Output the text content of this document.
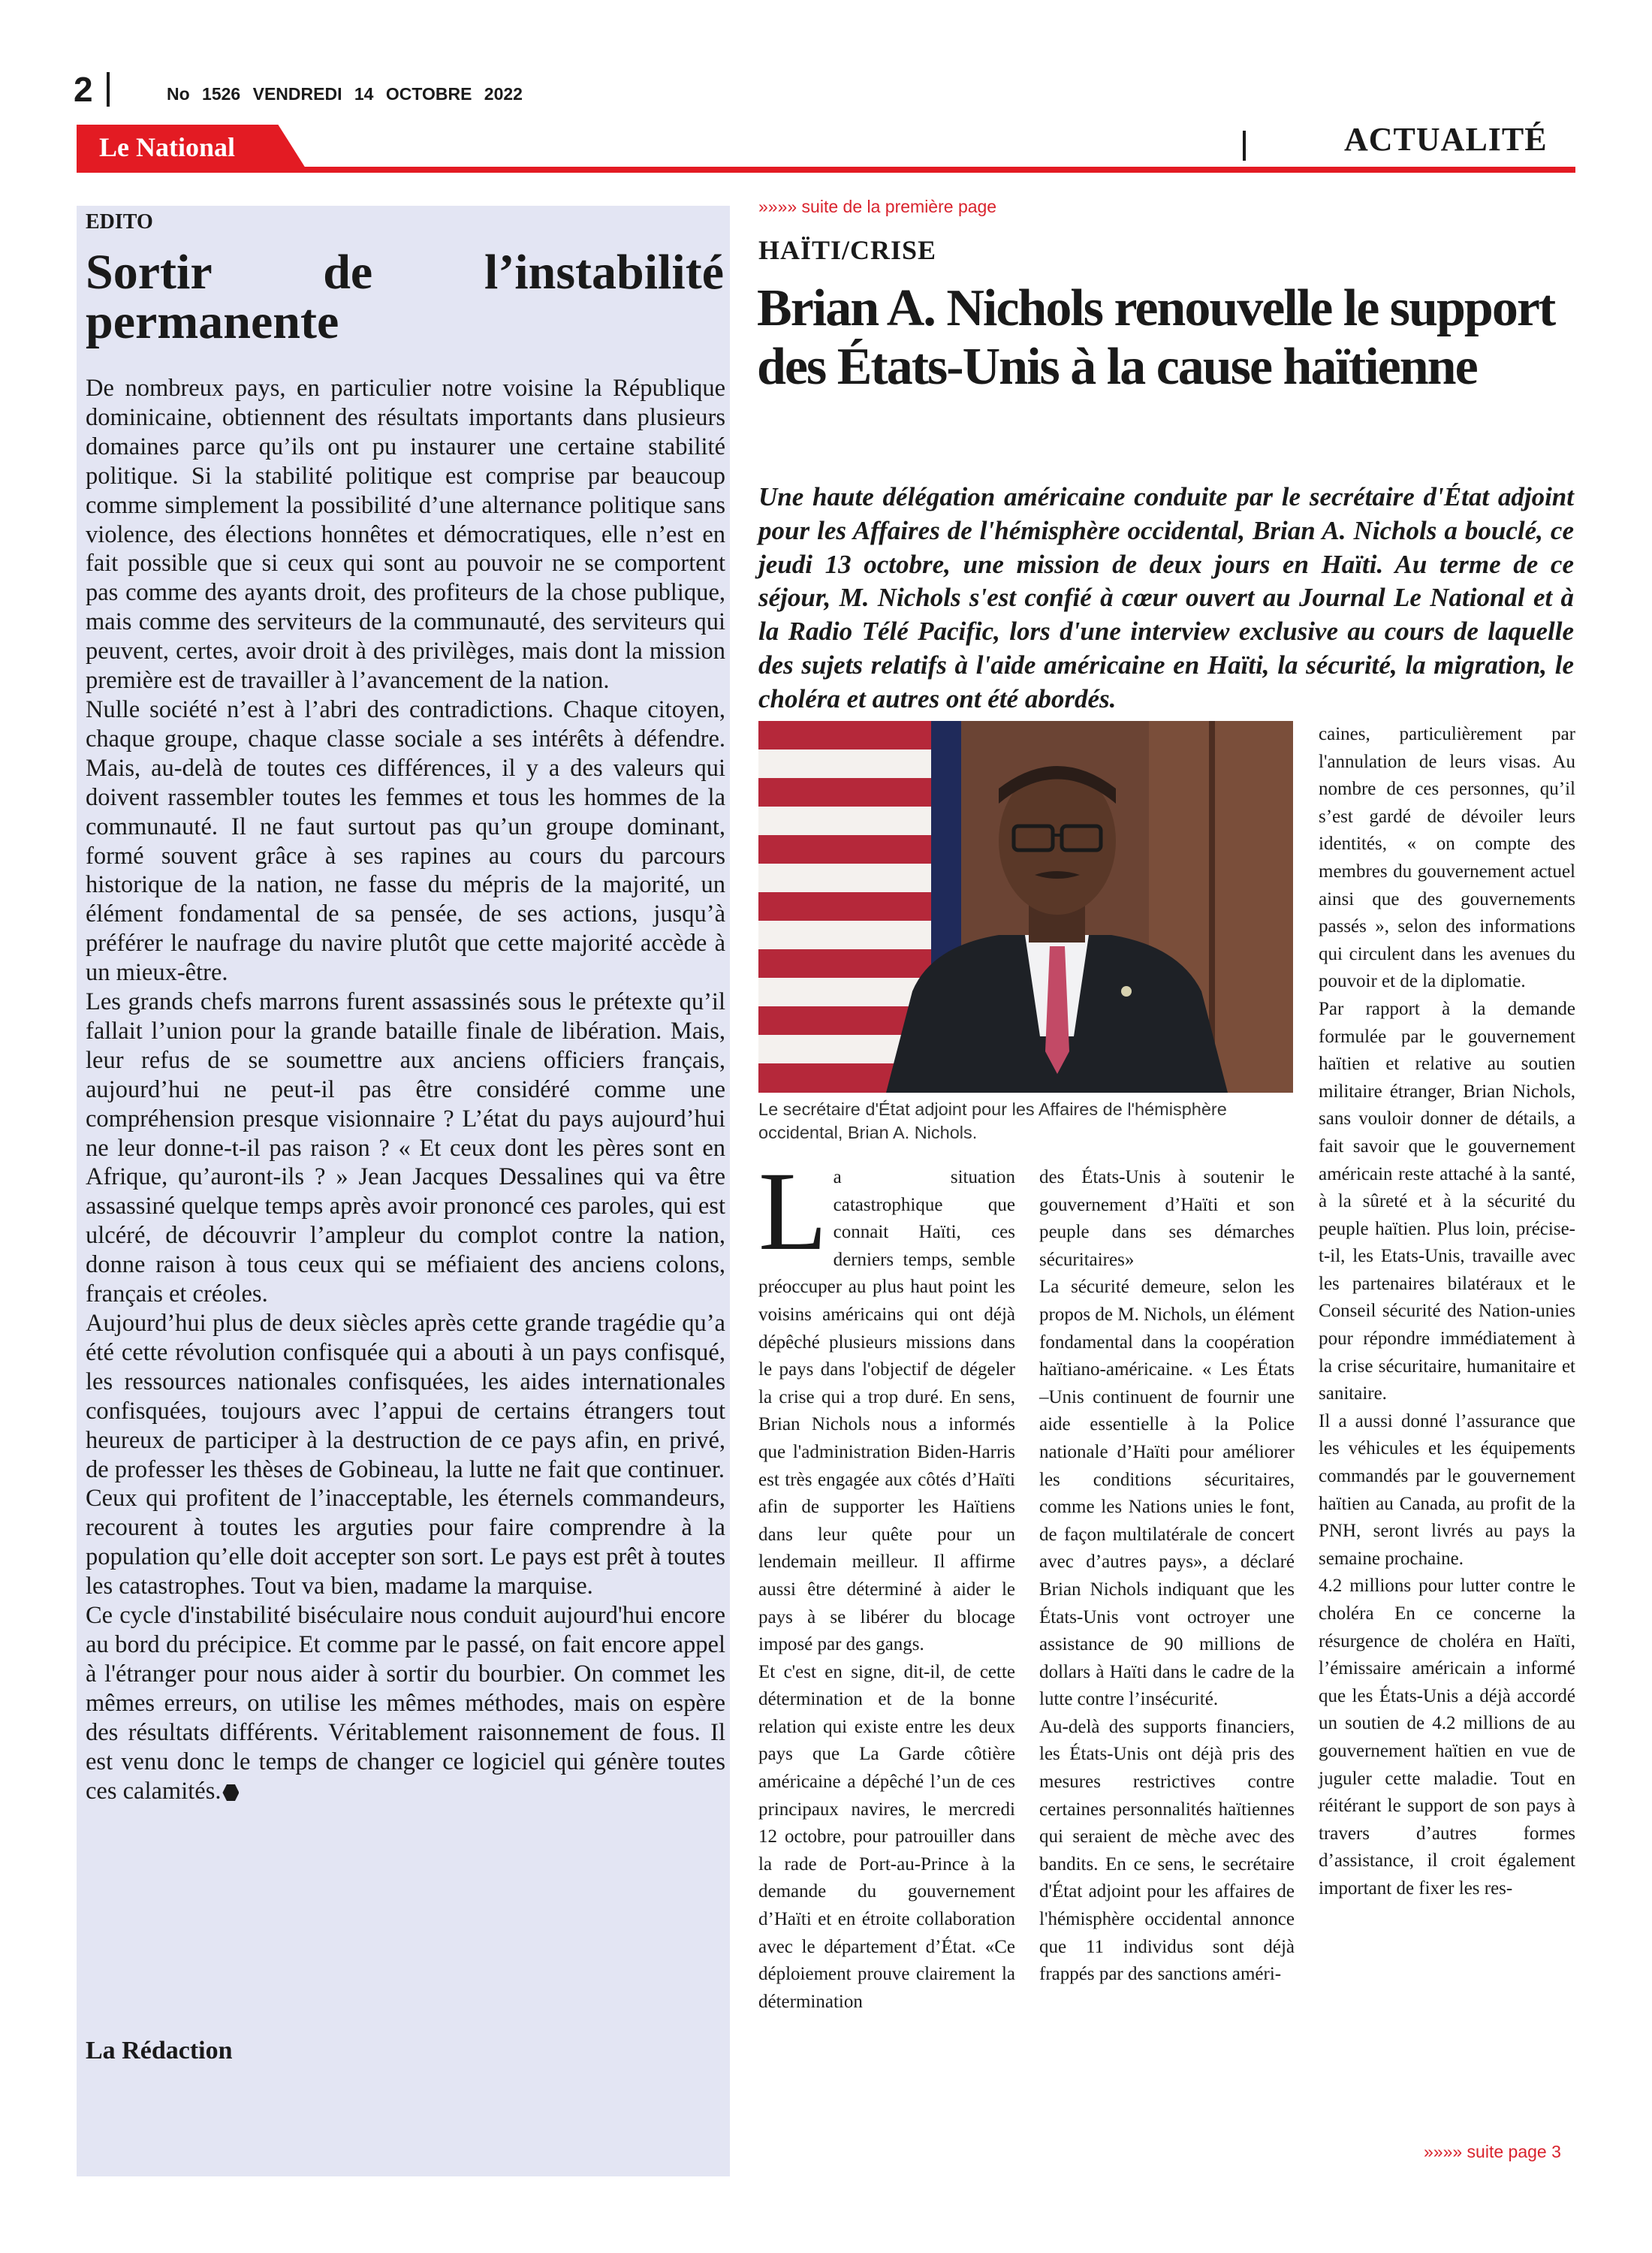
2	No 1526 VENDREDI 14 OCTOBRE 2022
Le National	ACTUALITÉ
EDITO
Sortir de l’instabilité permanente

De nombreux pays, en particulier notre voisine la République dominicaine, obtiennent des résultats importants dans plusieurs domaines parce qu’ils ont pu instaurer une certaine stabilité politique. Si la stabilité politique est comprise par beaucoup comme simplement la possibilité d’une alternance politique sans violence, des élections honnêtes et démocratiques, elle n’est en fait possible que si ceux qui sont au pouvoir ne se comportent pas comme des ayants droit, des profiteurs de la chose publique, mais comme des serviteurs de la communauté, des serviteurs qui peuvent, certes, avoir droit à des privilèges, mais dont la mission première est de travailler à l’avancement de la nation.

Nulle société n’est à l’abri des contradictions. Chaque citoyen, chaque groupe, chaque classe sociale a ses intérêts à défendre. Mais, au-delà de toutes ces différences, il y a des valeurs qui doivent rassembler toutes les femmes et tous les hommes de la communauté. Il ne faut surtout pas qu’un groupe dominant, formé souvent grâce à ses rapines au cours du parcours historique de la nation, ne fasse du mépris de la majorité, un élément fondamental de sa pensée, de ses actions, jusqu’à préférer le naufrage du navire plutôt que cette majorité accède à un mieux-être.

Les grands chefs marrons furent assassinés sous le prétexte qu’il fallait l’union pour la grande bataille finale de libération. Mais, leur refus de se soumettre aux anciens officiers français, aujourd’hui ne peut-il pas être considéré comme une compréhension presque visionnaire ? L’état du pays aujourd’hui ne leur donne-t-il pas raison ? « Et ceux dont les pères sont en Afrique, qu’auront-ils ? » Jean Jacques Dessalines qui va être assassiné quelque temps après avoir prononcé ces paroles, qui est ulcéré, de découvrir l’ampleur du complot contre la nation, donne raison à tous ceux qui se méfiaient des anciens colons, français et créoles.

Aujourd’hui plus de deux siècles après cette grande tragédie qu’a été cette révolution confisquée qui a abouti à un pays confisqué, les ressources nationales confisquées, les aides internationales confisquées, toujours avec l’appui de certains étrangers tout heureux de participer à la destruction de ce pays afin, en privé, de professer les thèses de Gobineau, la lutte ne fait que continuer.

Ceux qui profitent de l’inacceptable, les éternels commandeurs, recourent à toutes les arguties pour faire comprendre à la population qu’elle doit accepter son sort. Le pays est prêt à toutes les catastrophes. Tout va bien, madame la marquise.

Ce cycle d'instabilité biséculaire nous conduit aujourd'hui encore au bord du précipice. Et comme par le passé, on fait encore appel à l'étranger pour nous aider à sortir du bourbier. On commet les mêmes erreurs, on utilise les mêmes méthodes, mais on espère des résultats différents. Véritablement raisonnement de fous. Il est venu donc le temps de changer ce logiciel qui génère toutes ces calamités.

La Rédaction
»»»» suite de la première page
HAÏTI/CRISE
Brian A. Nichols renouvelle le support des États-Unis à la cause haïtienne
Une haute délégation américaine conduite par le secrétaire d'État adjoint pour les Affaires de l'hémisphère occidental, Brian A. Nichols a bouclé, ce jeudi 13 octobre, une mission de deux jours en Haïti. Au terme de ce séjour, M. Nichols s'est confié à cœur ouvert au Journal Le National et à la Radio Télé Pacific, lors d'une interview exclusive au cours de laquelle des sujets relatifs à l'aide américaine en Haïti, la sécurité, la migration, le choléra et autres ont été abordés.
Le secrétaire d'État adjoint pour les Affaires de l'hémisphère occidental, Brian A. Nichols.

La situation catastrophique que connait Haïti, ces derniers temps, semble préoccuper au plus haut point les voisins américains qui ont déjà dépêché plusieurs missions dans le pays dans l'objectif de dégeler la crise qui a trop duré. En sens, Brian Nichols nous a informés que l'administration Biden-Harris est très engagée aux côtés d’Haïti afin de supporter les Haïtiens dans leur quête pour un lendemain meilleur. Il affirme aussi être déterminé à aider le pays à se libérer du blocage imposé par des gangs.

Et c'est en signe, dit-il, de cette détermination et de la bonne relation qui existe entre les deux pays que La Garde côtière américaine a dépêché l’un de ces principaux navires, le mercredi 12 octobre, pour patrouiller dans la rade de Port-au-Prince à la demande du gouvernement d’Haïti et en étroite collaboration avec le département d’État. «Ce déploiement prouve clairement la détermination

des États-Unis à soutenir le gouvernement d’Haïti et son peuple dans ses démarches sécuritaires»

La sécurité demeure, selon les propos de M. Nichols, un élément fondamental dans la coopération haïtiano-américaine. « Les États –Unis continuent de fournir une aide essentielle à la Police nationale d’Haïti pour améliorer les conditions sécuritaires, comme les Nations unies le font, de façon multilatérale de concert avec d’autres pays», a déclaré Brian Nichols indiquant que les États-Unis vont octroyer une assistance de 90 millions de dollars à Haïti dans le cadre de la lutte contre l’insécurité.

Au-delà des supports financiers, les États-Unis ont déjà pris des mesures restrictives contre certaines personnalités haïtiennes qui seraient de mèche avec des bandits. En ce sens, le secrétaire d'État adjoint pour les affaires de l'hémisphère occidental annonce que 11 individus sont déjà frappés par des sanctions améri-

caines, particulièrement par l'annulation de leurs visas. Au nombre de ces personnes, qu’il s’est gardé de dévoiler leurs identités, « on compte des membres du gouvernement actuel ainsi que des gouvernements passés », selon des informations qui circulent dans les avenues du pouvoir et de la diplomatie.

Par rapport à la demande formulée par le gouvernement haïtien et relative au soutien militaire étranger, Brian Nichols, sans vouloir donner de détails, a fait savoir que le gouvernement américain reste attaché à la santé, à la sûreté et à la sécurité du peuple haïtien. Plus loin, précise-t-il, les Etats-Unis, travaille avec les partenaires bilatéraux et le Conseil sécurité des Nation-unies pour répondre immédiatement à la crise sécuritaire, humanitaire et sanitaire.

Il a aussi donné l’assurance que les véhicules et les équipements commandés par le gouvernement haïtien au Canada, au profit de la PNH, seront livrés au pays la semaine prochaine.

4.2 millions pour lutter contre le choléra En ce concerne la résurgence de choléra en Haïti, l’émissaire américain a informé que les États-Unis a déjà accordé un soutien de 4.2 millions de au gouvernement haïtien en vue de juguler cette maladie. Tout en réitérant le support de son pays à travers d’autres formes d’assistance, il croit également important de fixer les res-

»»»» suite page 3
